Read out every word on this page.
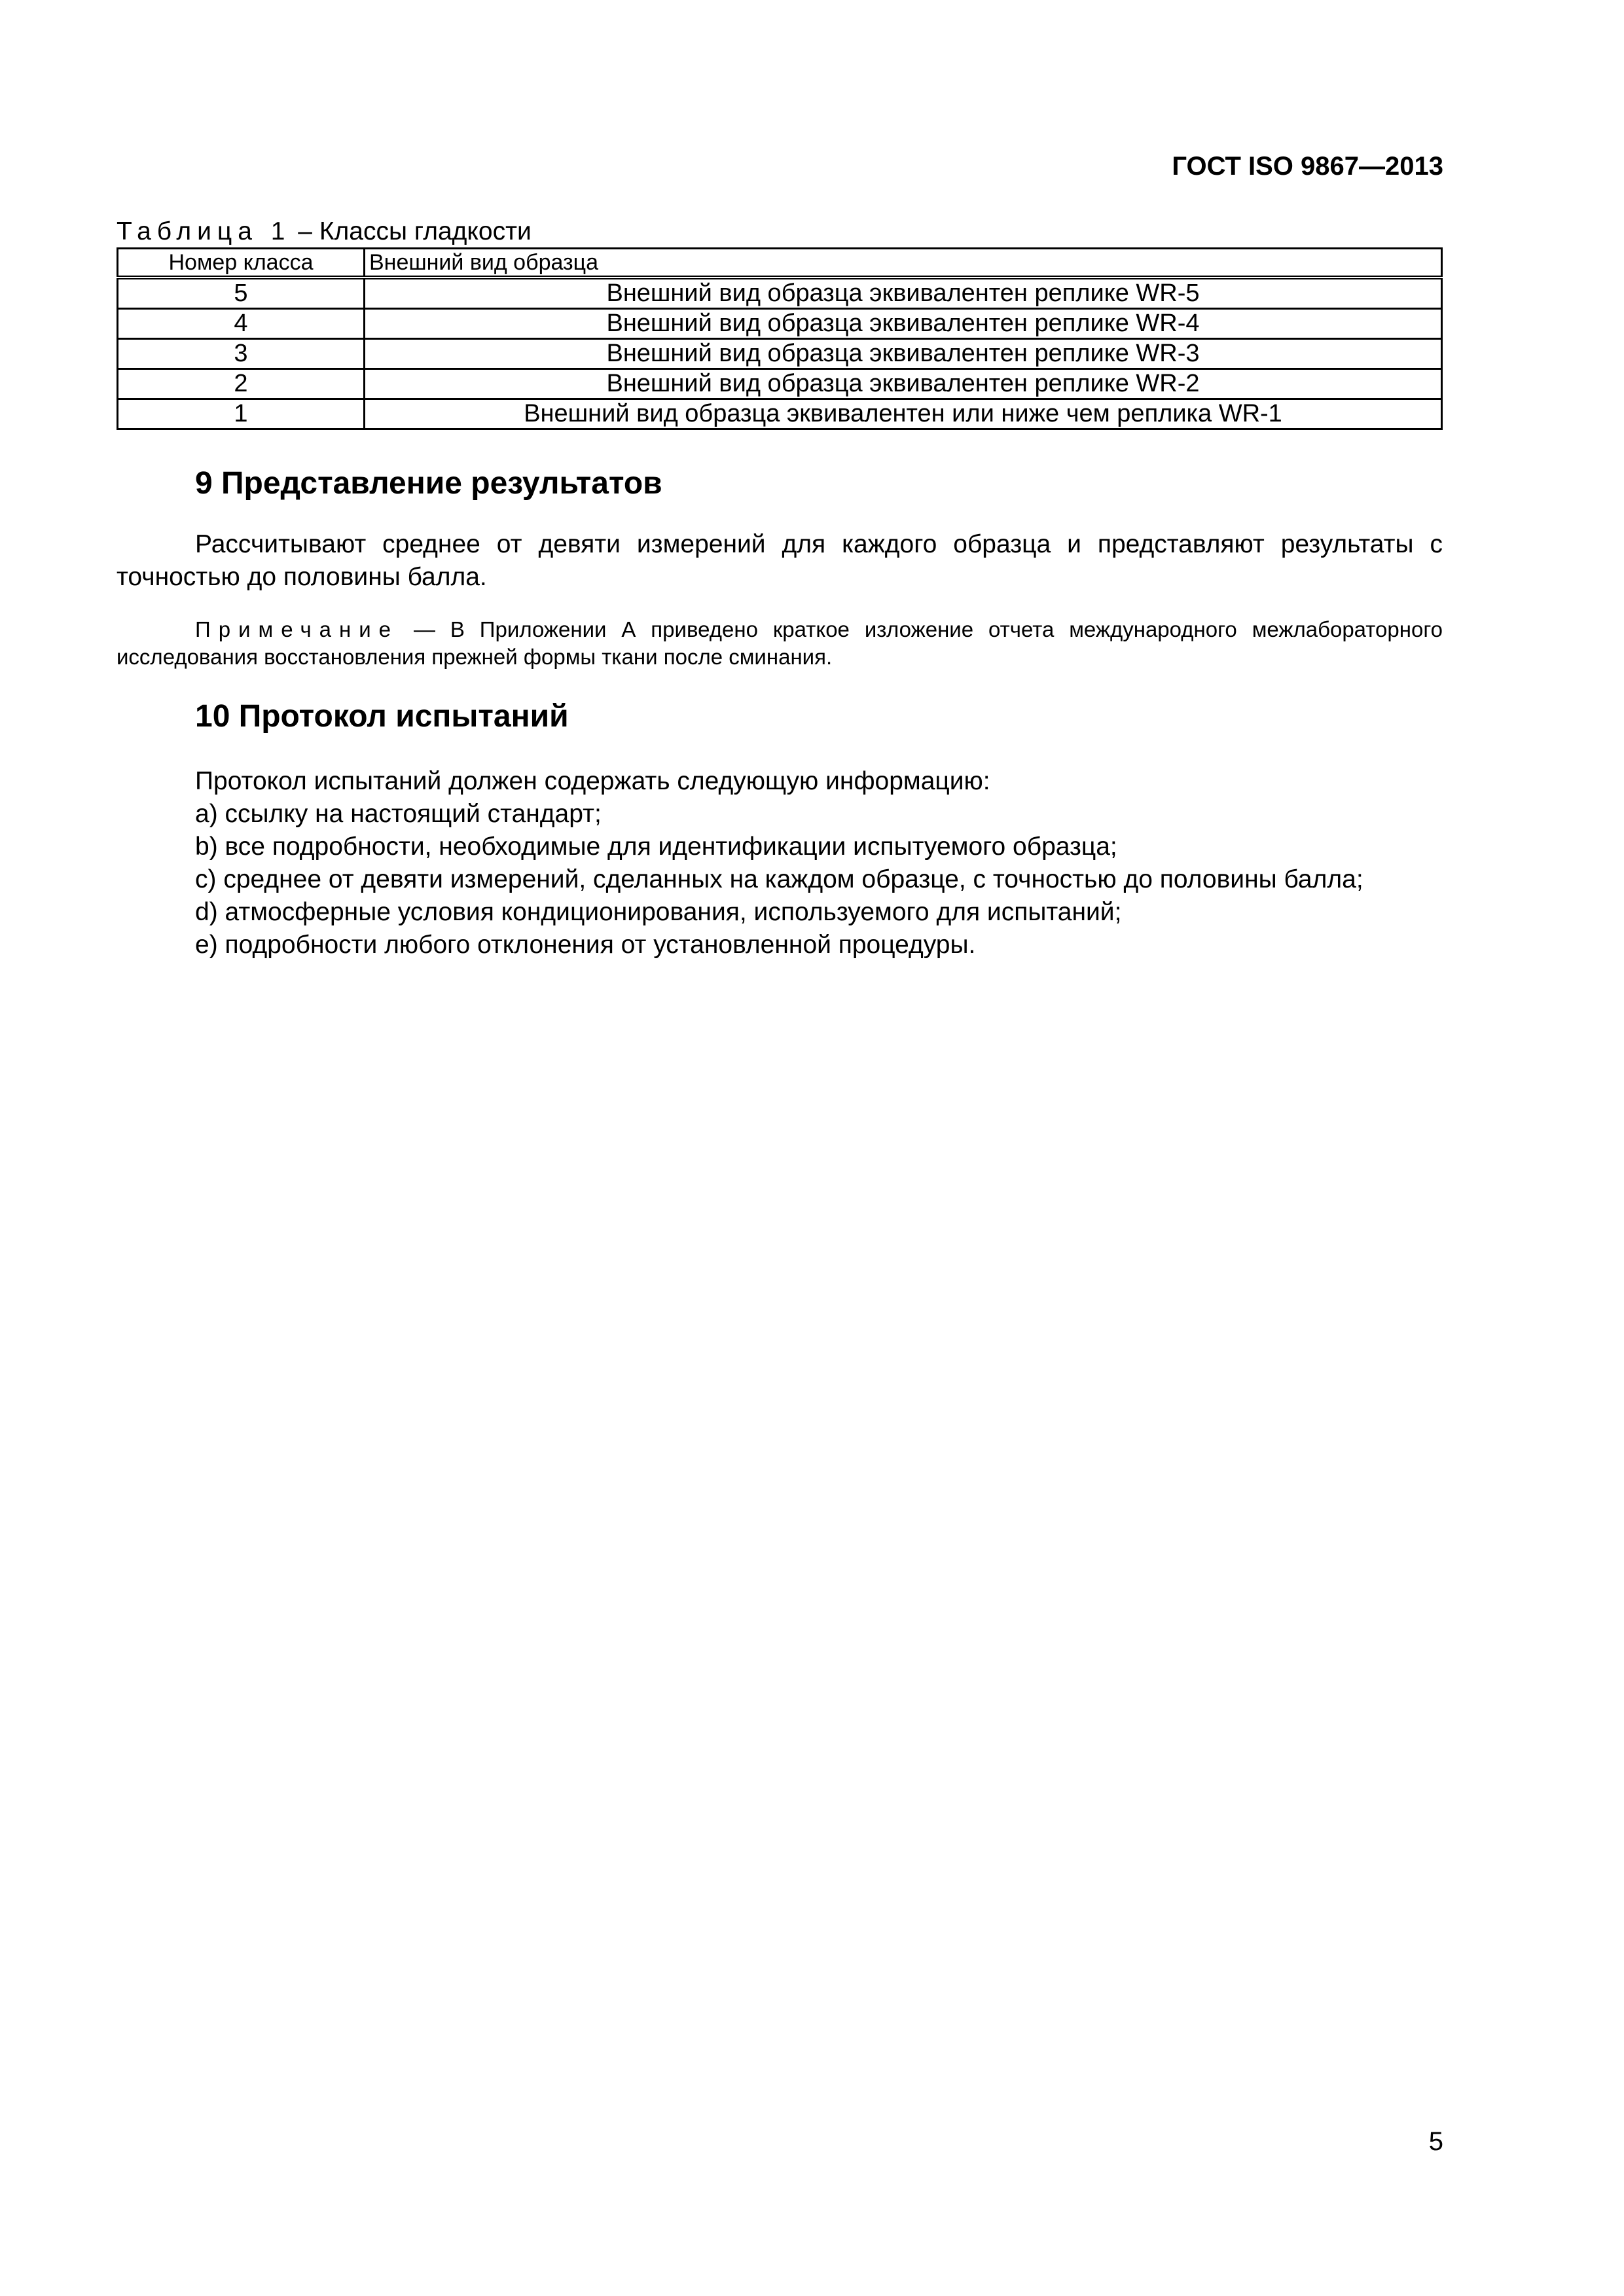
ГОСТ ISO 9867—2013
Таблица 1 – Классы гладкости
Номер класса	Внешний вид образца
5	Внешний вид образца эквивалентен реплике WR-5
4	Внешний вид образца эквивалентен реплике WR-4
3	Внешний вид образца эквивалентен реплике WR-3
2	Внешний вид образца эквивалентен реплике WR-2
1	Внешний вид образца эквивалентен или ниже чем реплика WR-1
9 Представление результатов

Рассчитывают среднее от девяти измерений для каждого образца и представляют результаты с точностью до половины балла.

Примечание — В Приложении А приведено краткое изложение отчета международного межлабораторного исследования восстановления прежней формы ткани после сминания.

10 Протокол испытаний

Протокол испытаний должен содержать следующую информацию:

a) ссылку на настоящий стандарт;

b) все подробности, необходимые для идентификации испытуемого образца;

c) среднее от девяти измерений, сделанных на каждом образце, с точностью до половины балла;

d) атмосферные условия кондиционирования, используемого для испытаний;

e) подробности любого отклонения от установленной процедуры.

5
